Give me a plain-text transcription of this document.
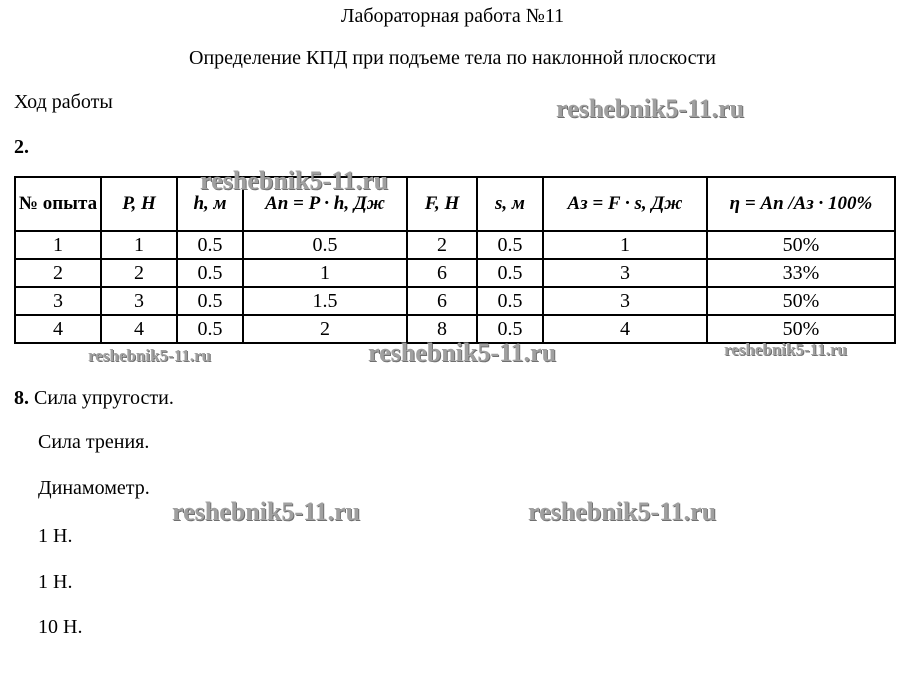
Лабораторная работа №11
Определение КПД при подъеме тела по наклонной плоскости
Ход работы
2.
№ опыта	P, Н	h, м	Aп = P · h, Дж	F, Н	s, м	Aз = F · s, Дж	η = Aп /Aз · 100%
1	1	0.5	0.5	2	0.5	1	50%
2	2	0.5	1	6	0.5	3	33%
3	3	0.5	1.5	6	0.5	3	50%
4	4	0.5	2	8	0.5	4	50%
8. Сила упругости.
Сила трения.
Динамометр.
1 Н.
1 Н.
10 Н.
reshebnik5-11.ru
reshebnik5-11.ru
reshebnik5-11.ru	reshebnik5-11.ru	reshebnik5-11.ru
reshebnik5-11.ru	reshebnik5-11.ru
